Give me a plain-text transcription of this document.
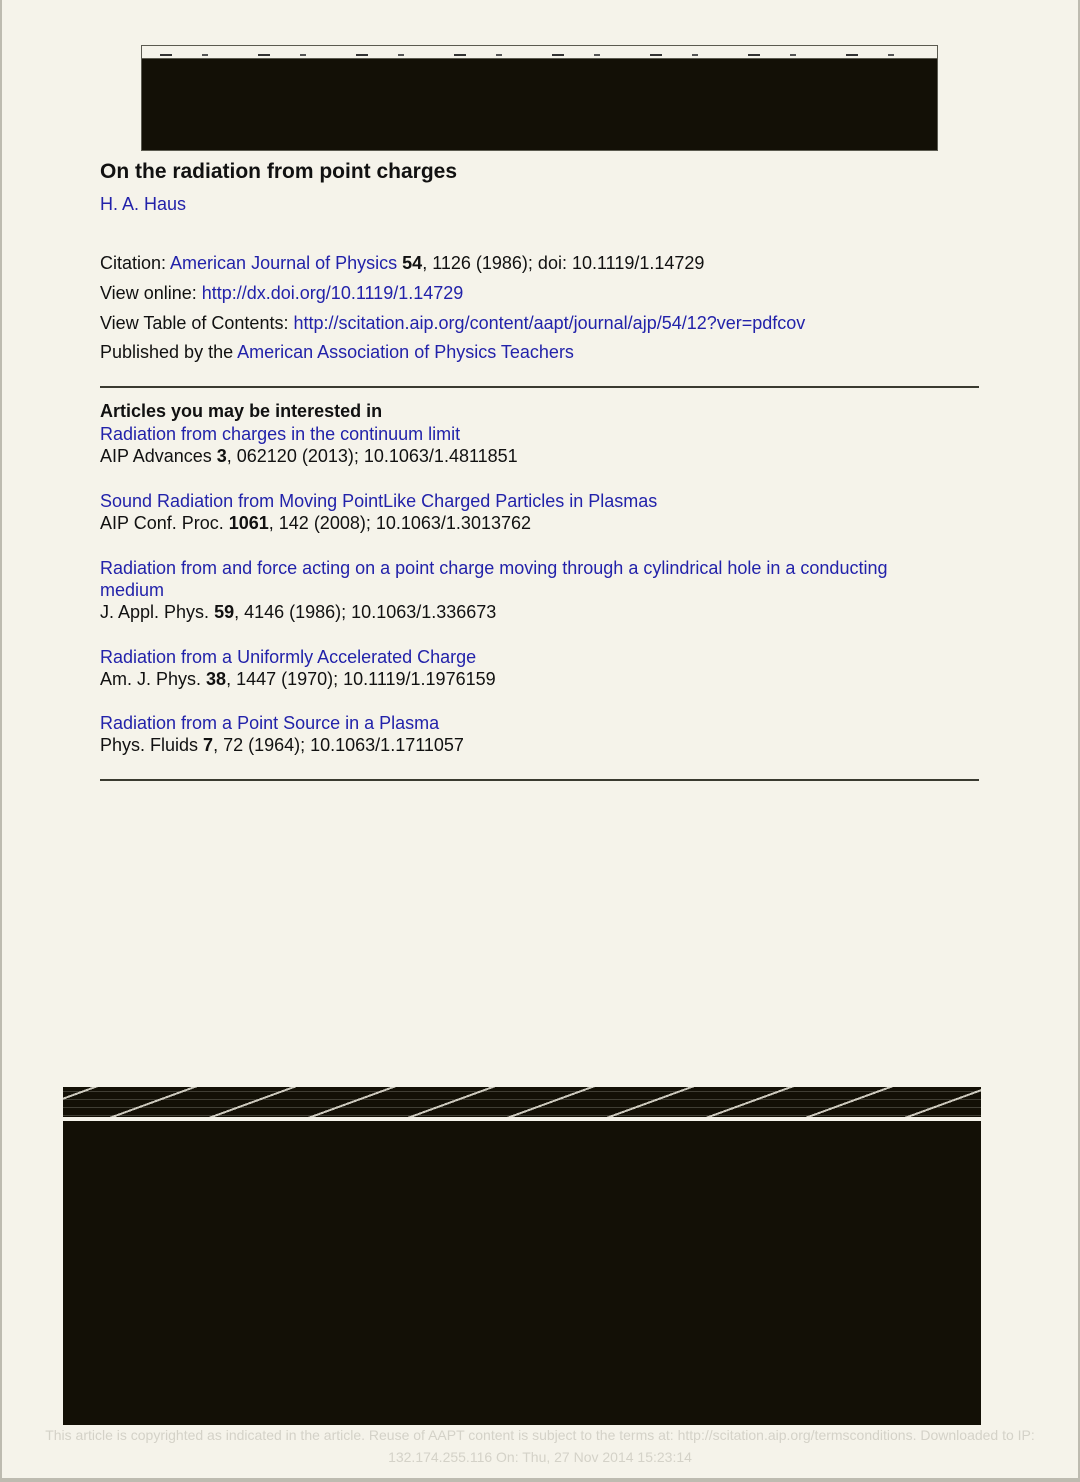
On the radiation from point charges
H. A. Haus
Citation: American Journal of Physics 54, 1126 (1986); doi: 10.1119/1.14729
View online: http://dx.doi.org/10.1119/1.14729
View Table of Contents: http://scitation.aip.org/content/aapt/journal/ajp/54/12?ver=pdfcov
Published by the American Association of Physics Teachers
Articles you may be interested in
Radiation from charges in the continuum limit
AIP Advances 3, 062120 (2013); 10.1063/1.4811851
Sound Radiation from Moving PointLike Charged Particles in Plasmas
AIP Conf. Proc. 1061, 142 (2008); 10.1063/1.3013762
Radiation from and force acting on a point charge moving through a cylindrical hole in a conducting medium
J. Appl. Phys. 59, 4146 (1986); 10.1063/1.336673
Radiation from a Uniformly Accelerated Charge
Am. J. Phys. 38, 1447 (1970); 10.1119/1.1976159
Radiation from a Point Source in a Plasma
Phys. Fluids 7, 72 (1964); 10.1063/1.1711057
This article is copyrighted as indicated in the article. Reuse of AAPT content is subject to the terms at: http://scitation.aip.org/termsconditions. Downloaded to IP:
132.174.255.116 On: Thu, 27 Nov 2014 15:23:14
